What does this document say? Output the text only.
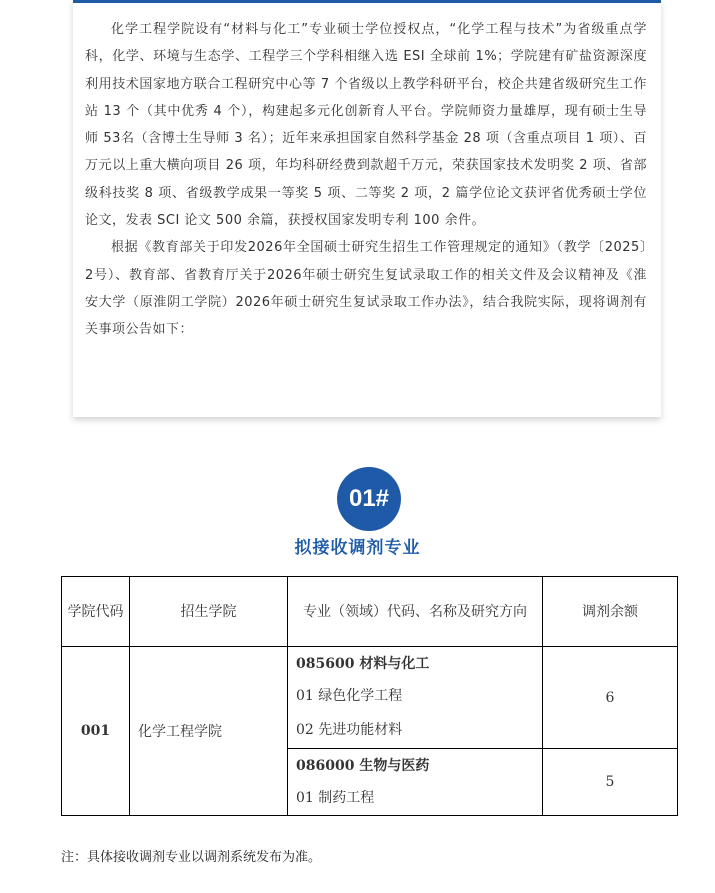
化学工程学院设有“材料与化工”专业硕士学位授权点，“化学工程与技术”为省级重点学科，化学、环境与生态学、工程学三个学科相继入选 ESI 全球前 1%；学院建有矿盐资源深度利用技术国家地方联合工程研究中心等 7 个省级以上教学科研平台，校企共建省级研究生工作站 13 个（其中优秀 4 个），构建起多元化创新育人平台。学院师资力量雄厚，现有硕士生导师 53名（含博士生导师 3 名）；近年来承担国家自然科学基金 28 项（含重点项目 1 项）、百万元以上重大横向项目 26 项，年均科研经费到款超千万元，荣获国家技术发明奖 2 项、省部级科技奖 8 项、省级教学成果一等奖 5 项、二等奖 2 项，2 篇学位论文获评省优秀硕士学位论文，发表 SCI 论文 500 余篇，获授权国家发明专利 100 余件。

根据《教育部关于印发2026年全国硕士研究生招生工作管理规定的通知》（教学〔2025〕2号）、教育部、省教育厅关于2026年硕士研究生复试录取工作的相关文件及会议精神及《淮安大学（原淮阴工学院）2026年硕士研究生复试录取工作办法》，结合我院实际，现将调剂有关事项公告如下：

01#
拟接收调剂专业
学院代码	招生学院	专业（领域）代码、名称及研究方向	调剂余额
001	化学工程学院	085600 材料与化工
01 绿色化学工程
02 先进功能材料	6

		086000 生物与医药
01 制药工程	5
注：具体接收调剂专业以调剂系统发布为准。
